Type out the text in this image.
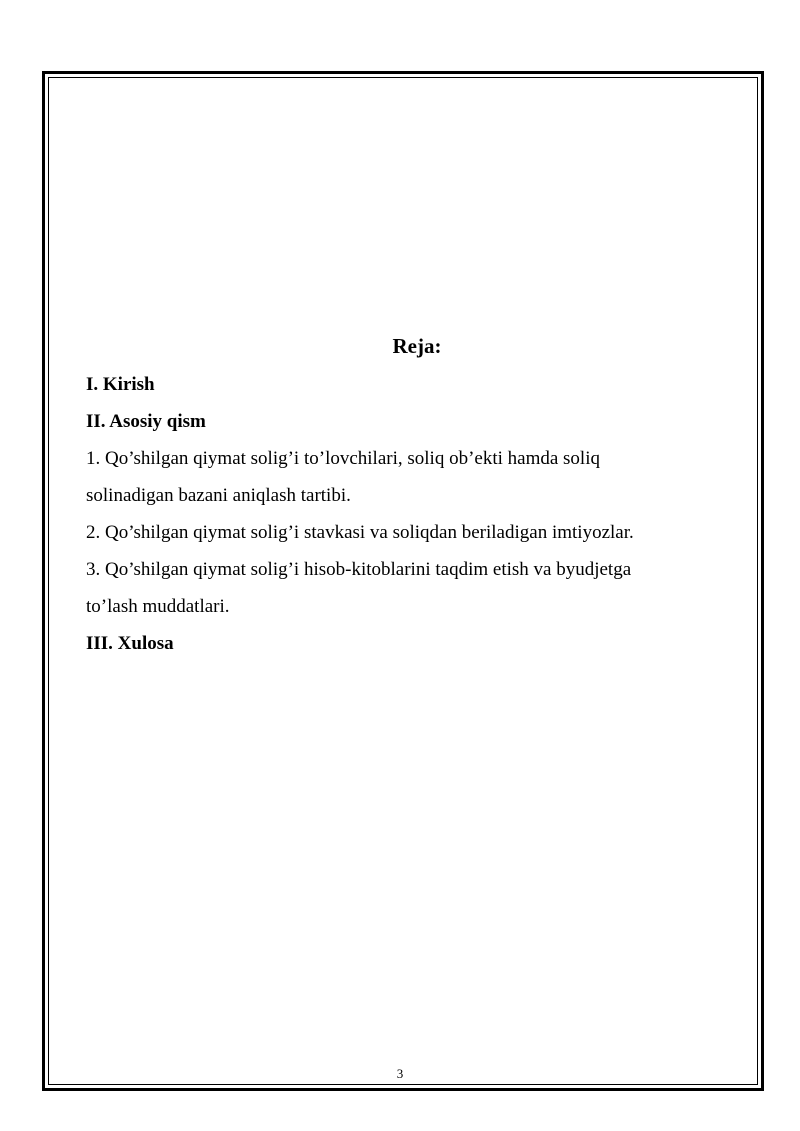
Reja:
I. Kirish
II. Asosiy qism
1. Qo’shilgan qiymat solig’i to’lovchilari, soliq ob’ekti hamda soliq
solinadigan bazani aniqlash tartibi.
2. Qo’shilgan qiymat solig’i stavkasi va soliqdan beriladigan imtiyozlar.
3. Qo’shilgan qiymat solig’i hisob-kitoblarini taqdim etish va byudjetga
to’lash muddatlari.
III. Xulosa
3
